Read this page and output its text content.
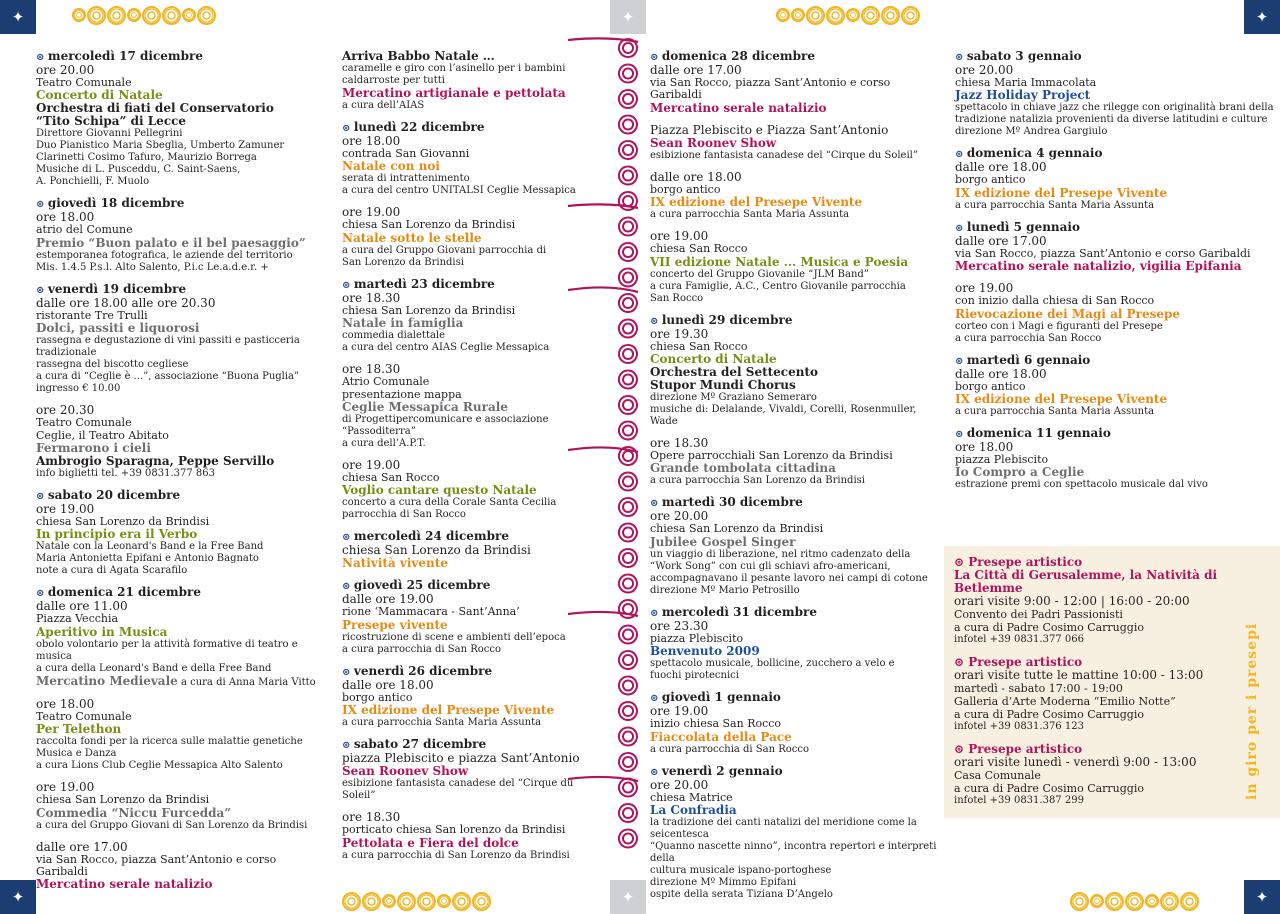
✦	✦
✦	✦
✦
✦
⊚ mercoledì 17 dicembre
ore 20.00
Teatro Comunale
Concerto di Natale
Orchestra di fiati del Conservatorio
“Tito Schipa” di Lecce
Direttore Giovanni Pellegrini
Duo Pianistico Maria Sbeglia, Umberto Zamuner
Clarinetti Cosimo Tafuro, Maurizio Borrega
Musiche di L. Pusceddu, C. Saint-Saens,
A. Ponchielli, F. Muolo
⊚ giovedì 18 dicembre
ore 18.00
atrio del Comune
Premio “Buon palato e il bel paesaggio”
estemporanea fotografica, le aziende del territorio
Mis. 1.4.5 P.s.l. Alto Salento, P.i.c Le.a.d.e.r. +
⊚ venerdì 19 dicembre
dalle ore 18.00 alle ore 20.30
ristorante Tre Trulli
Dolci, passiti e liquorosi
rassegna e degustazione di vini passiti e pasticceria tradizionale
rassegna del biscotto cegliese
a cura di “Ceglie è ...”, associazione “Buona Puglia”
ingresso € 10.00
ore 20.30
Teatro Comunale
Ceglie, il Teatro Abitato
Fermarono i cieli
Ambrogio Sparagna, Peppe Servillo
info biglietti tel. +39 0831.377 863
⊚ sabato 20 dicembre
ore 19.00
chiesa San Lorenzo da Brindisi
In principio era il Verbo
Natale con la Leonard's Band e la Free Band
Maria Antonietta Epifani e Antonio Bagnato
note a cura di Agata Scarafilo
⊚ domenica 21 dicembre
dalle ore 11.00
Piazza Vecchia
Aperitivo in Musica
obolo volontario per la attività formative di teatro e musica
a cura della Leonard's Band e della Free Band
Mercatino Medievale a cura di Anna Maria Vitto
ore 18.00
Teatro Comunale
Per Telethon
raccolta fondi per la ricerca sulle malattie genetiche
Musica e Danza
a cura Lions Club Ceglie Messapica Alto Salento
ore 19.00
chiesa San Lorenzo da Brindisi
Commedia “Niccu Furcedda”
a cura del Gruppo Giovani di San Lorenzo da Brindisi
dalle ore 17.00
via San Rocco, piazza Sant’Antonio e corso Garibaldi
Mercatino serale natalizio
Arriva Babbo Natale …
caramelle e giro con l’asinello per i bambini
caldarroste per tutti
Mercatino artigianale e pettolata
a cura dell’AIAS
⊚ lunedì 22 dicembre
ore 18.00
contrada San Giovanni
Natale con noi
serata di intrattenimento
a cura del centro UNITALSI Ceglie Messapica
ore 19.00
chiesa San Lorenzo da Brindisi
Natale sotto le stelle
a cura del Gruppo Giovani parrocchia di
San Lorenzo da Brindisi
⊚ martedì 23 dicembre
ore 18.30
chiesa San Lorenzo da Brindisi
Natale in famiglia
commedia dialettale
a cura del centro AIAS Ceglie Messapica
ore 18.30
Atrio Comunale
presentazione mappa
Ceglie Messapica Rurale
di Progettipercomunicare e associazione “Passoditerra”
a cura dell’A.P.T.
ore 19.00
chiesa San Rocco
Voglio cantare questo Natale
concerto a cura della Corale Santa Cecilia
parrocchia di San Rocco
⊚ mercoledì 24 dicembre
chiesa San Lorenzo da Brindisi
Natività vivente
⊚ giovedì 25 dicembre
dalle ore 19.00
rione ‘Mammacara - Sant’Anna’
Presepe vivente
ricostruzione di scene e ambienti dell’epoca
a cura parrocchia di San Rocco
⊚ venerdì 26 dicembre
dalle ore 18.00
borgo antico
IX edizione del Presepe Vivente
a cura parrocchia Santa Maria Assunta
⊚ sabato 27 dicembre
piazza Plebiscito e piazza Sant’Antonio
Sean Roonev Show
esibizione fantasista canadese del “Cirque du Soleil”
ore 18.30
porticato chiesa San lorenzo da Brindisi
Pettolata e Fiera del dolce
a cura parrocchia di San Lorenzo da Brindisi
⊚ domenica 28 dicembre
dalle ore 17.00
via San Rocco, piazza Sant’Antonio e corso Garibaldi
Mercatino serale natalizio
Piazza Plebiscito e Piazza Sant’Antonio
Sean Roonev Show
esibizione fantasista canadese del “Cirque du Soleil”
dalle ore 18.00
borgo antico
IX edizione del Presepe Vivente
a cura parrocchia Santa Maria Assunta
ore 19.00
chiesa San Rocco
VII edizione Natale ... Musica e Poesia
concerto del Gruppo Giovanile “JLM Band”
a cura Famiglie, A.C., Centro Giovanile parrocchia
San Rocco
⊚ lunedì 29 dicembre
ore 19.30
chiesa San Rocco
Concerto di Natale
Orchestra del Settecento
Stupor Mundi Chorus
direzione Mº Graziano Semeraro
musiche di: Delalande, Vivaldi, Corelli, Rosenmuller, Wade
ore 18.30
Opere parrocchiali San Lorenzo da Brindisi
Grande tombolata cittadina
a cura parrocchia San Lorenzo da Brindisi
⊚ martedì 30 dicembre
ore 20.00
chiesa San Lorenzo da Brindisi
Jubilee Gospel Singer
un viaggio di liberazione, nel ritmo cadenzato della
“Work Song” con cui gli schiavi afro-americani,
accompagnavano il pesante lavoro nei campi di cotone
direzione Mº Mario Petrosillo
⊚ mercoledì 31 dicembre
ore 23.30
piazza Plebiscito
Benvenuto 2009
spettacolo musicale, bollicine, zucchero a velo e
fuochi pirotecnici
⊚ giovedì 1 gennaio
ore 19.00
inizio chiesa San Rocco
Fiaccolata della Pace
a cura parrocchia di San Rocco
⊚ venerdì 2 gennaio
ore 20.00
chiesa Matrice
La Confradia
la tradizione dei canti natalizi del meridione come la seicentesca
“Quanno nascette ninno”, incontra repertori e interpreti della
cultura musicale ispano-portoghese
direzione Mº Mimmo Epifani
ospite della serata Tiziana D’Angelo
⊚ sabato 3 gennaio
ore 20.00
chiesa Maria Immacolata
Jazz Holiday Project
spettacolo in chiave jazz che rilegge con originalità brani della
tradizione natalizia provenienti da diverse latitudini e culture
direzione Mº Andrea Gargiulo
⊚ domenica 4 gennaio
dalle ore 18.00
borgo antico
IX edizione del Presepe Vivente
a cura parrocchia Santa Maria Assunta
⊚ lunedì 5 gennaio
dalle ore 17.00
via San Rocco, piazza Sant’Antonio e corso Garibaldi
Mercatino serale natalizio, vigilia Epifania
ore 19.00
con inizio dalla chiesa di San Rocco
Rievocazione dei Magi al Presepe
corteo con i Magi e figuranti del Presepe
a cura parrocchia San Rocco
⊚ martedì 6 gennaio
dalle ore 18.00
borgo antico
IX edizione del Presepe Vivente
a cura parrocchia Santa Maria Assunta
⊚ domenica 11 gennaio
ore 18.00
piazza Plebiscito
Io Compro a Ceglie
estrazione premi con spettacolo musicale dal vivo
⊚ Presepe artistico
La Città di Gerusalemme, la Natività di Betlemme
orari visite 9:00 - 12:00 | 16:00 - 20:00
Convento dei Padri Passionisti
a cura di Padre Cosimo Carruggio
infotel +39 0831.377 066
⊚ Presepe artistico
orari visite tutte le mattine 10:00 - 13:00
martedì - sabato 17:00 - 19:00
Galleria d’Arte Moderna “Emilio Notte”
a cura di Padre Cosimo Carruggio
infotel +39 0831.376 123
⊚ Presepe artistico
orari visite lunedì - venerdì 9:00 - 13:00
Casa Comunale
a cura di Padre Cosimo Carruggio
infotel +39 0831.387 299
in giro per i presepi
